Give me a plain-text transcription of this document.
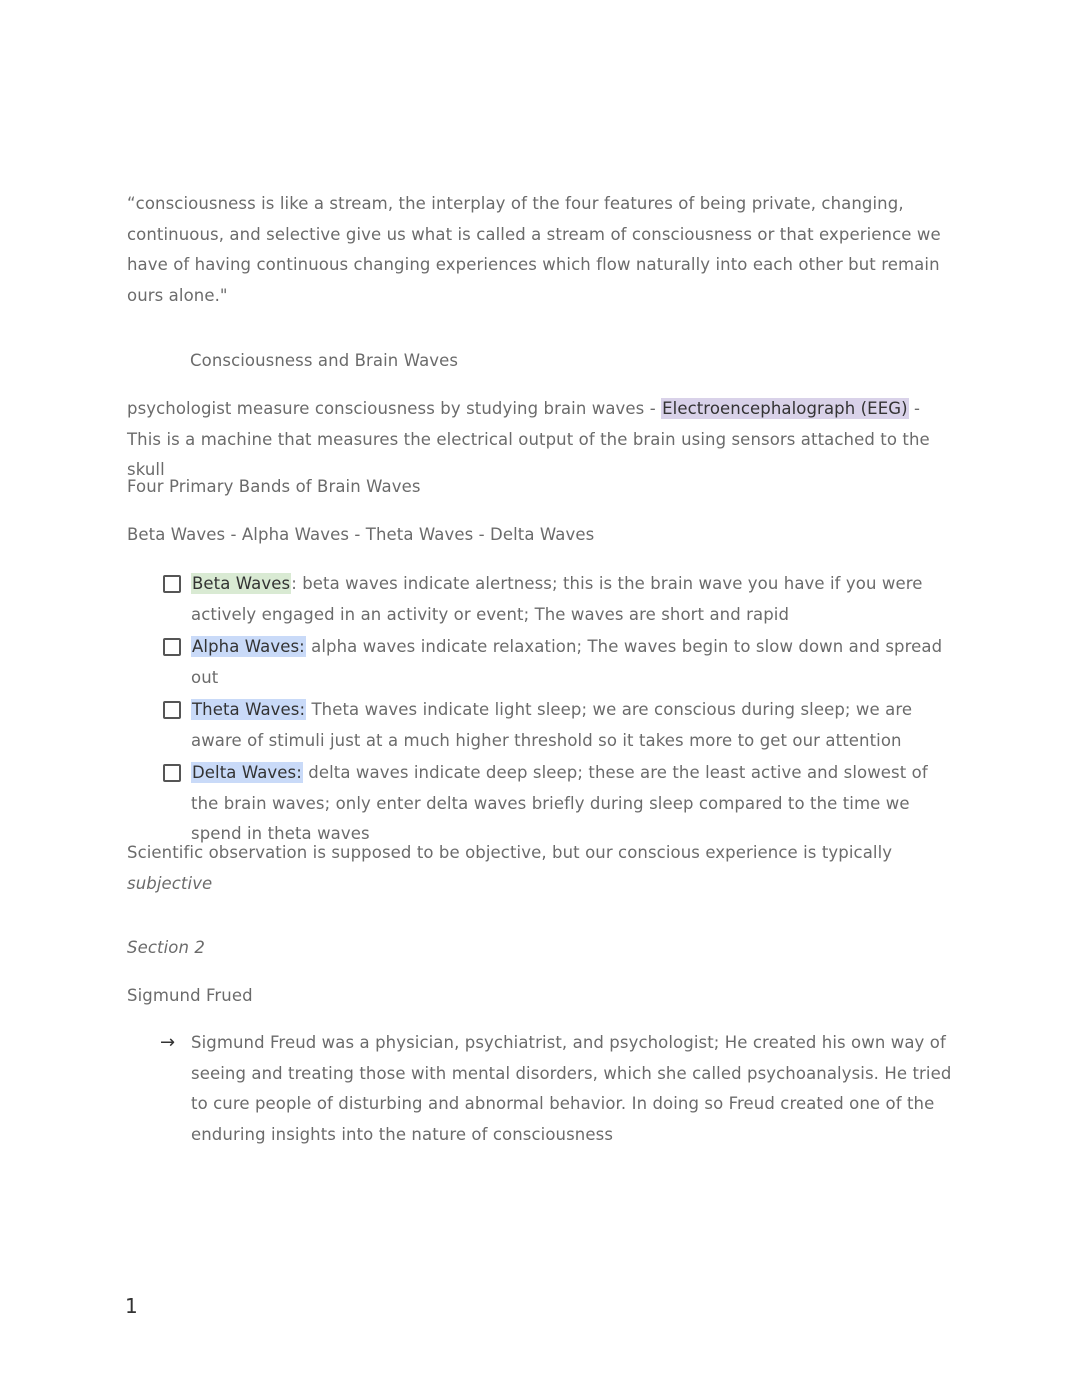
“consciousness is like a stream, the interplay of the four features of being private, changing, continuous, and selective give us what is called a stream of consciousness or that experience we have of having continuous changing experiences which flow naturally into each other but remain ours alone."

Consciousness and Brain Waves

psychologist measure consciousness by studying brain waves - Electroencephalograph (EEG) - This is a machine that measures the electrical output of the brain using sensors attached to the skull

Four Primary Bands of Brain Waves
Beta Waves - Alpha Waves - Theta Waves - Delta Waves
Beta Waves: beta waves indicate alertness; this is the brain wave you have if you were actively engaged in an activity or event; The waves are short and rapid
Alpha Waves: alpha waves indicate relaxation; The waves begin to slow down and spread out
Theta Waves: Theta waves indicate light sleep; we are conscious during sleep; we are aware of stimuli just at a much higher threshold so it takes more to get our attention
Delta Waves: delta waves indicate deep sleep; these are the least active and slowest of the brain waves; only enter delta waves briefly during sleep compared to the time we spend in theta waves

Scientific observation is supposed to be objective, but our conscious experience is typically subjective

Section 2
Sigmund Frued
→ Sigmund Freud was a physician, psychiatrist, and psychologist; He created his own way of seeing and treating those with mental disorders, which she called psychoanalysis. He tried to cure people of disturbing and abnormal behavior. In doing so Freud created one of the enduring insights into the nature of consciousness
1
